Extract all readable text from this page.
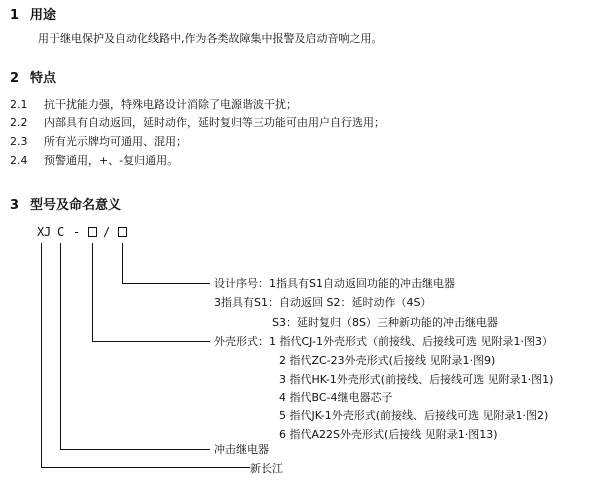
1 用途
用于继电保护及自动化线路中,作为各类故障集中报警及启动音响之用。
2 特点
2.1 抗干扰能力强，特殊电路设计消除了电源谐波干扰；
2.2 内部具有自动返回，延时动作，延时复归等三功能可由用户自行选用；
2.3 所有光示牌均可通用、混用；
2.4 预警通用，+、-复归通用。
3 型号及命名意义
X J C - /
设计序号：1指具有S1自动返回功能的冲击继电器
3指具有S1：自动返回 S2：延时动作（4S）
S3：延时复归（8S）三种新功能的冲击继电器
外壳形式：1 指代CJ-1外壳形式（前接线、后接线可选 见附录1·图3）
2 指代ZC-23外壳形式(后接线 见附录1·图9)
3 指代HK-1外壳形式(前接线、后接线可选 见附录1·图1)
4 指代BC-4继电器芯子
5 指代JK-1外壳形式(前接线、后接线可选 见附录1·图2)
6 指代A22S外壳形式(后接线 见附录1·图13)
冲击继电器
新长江
